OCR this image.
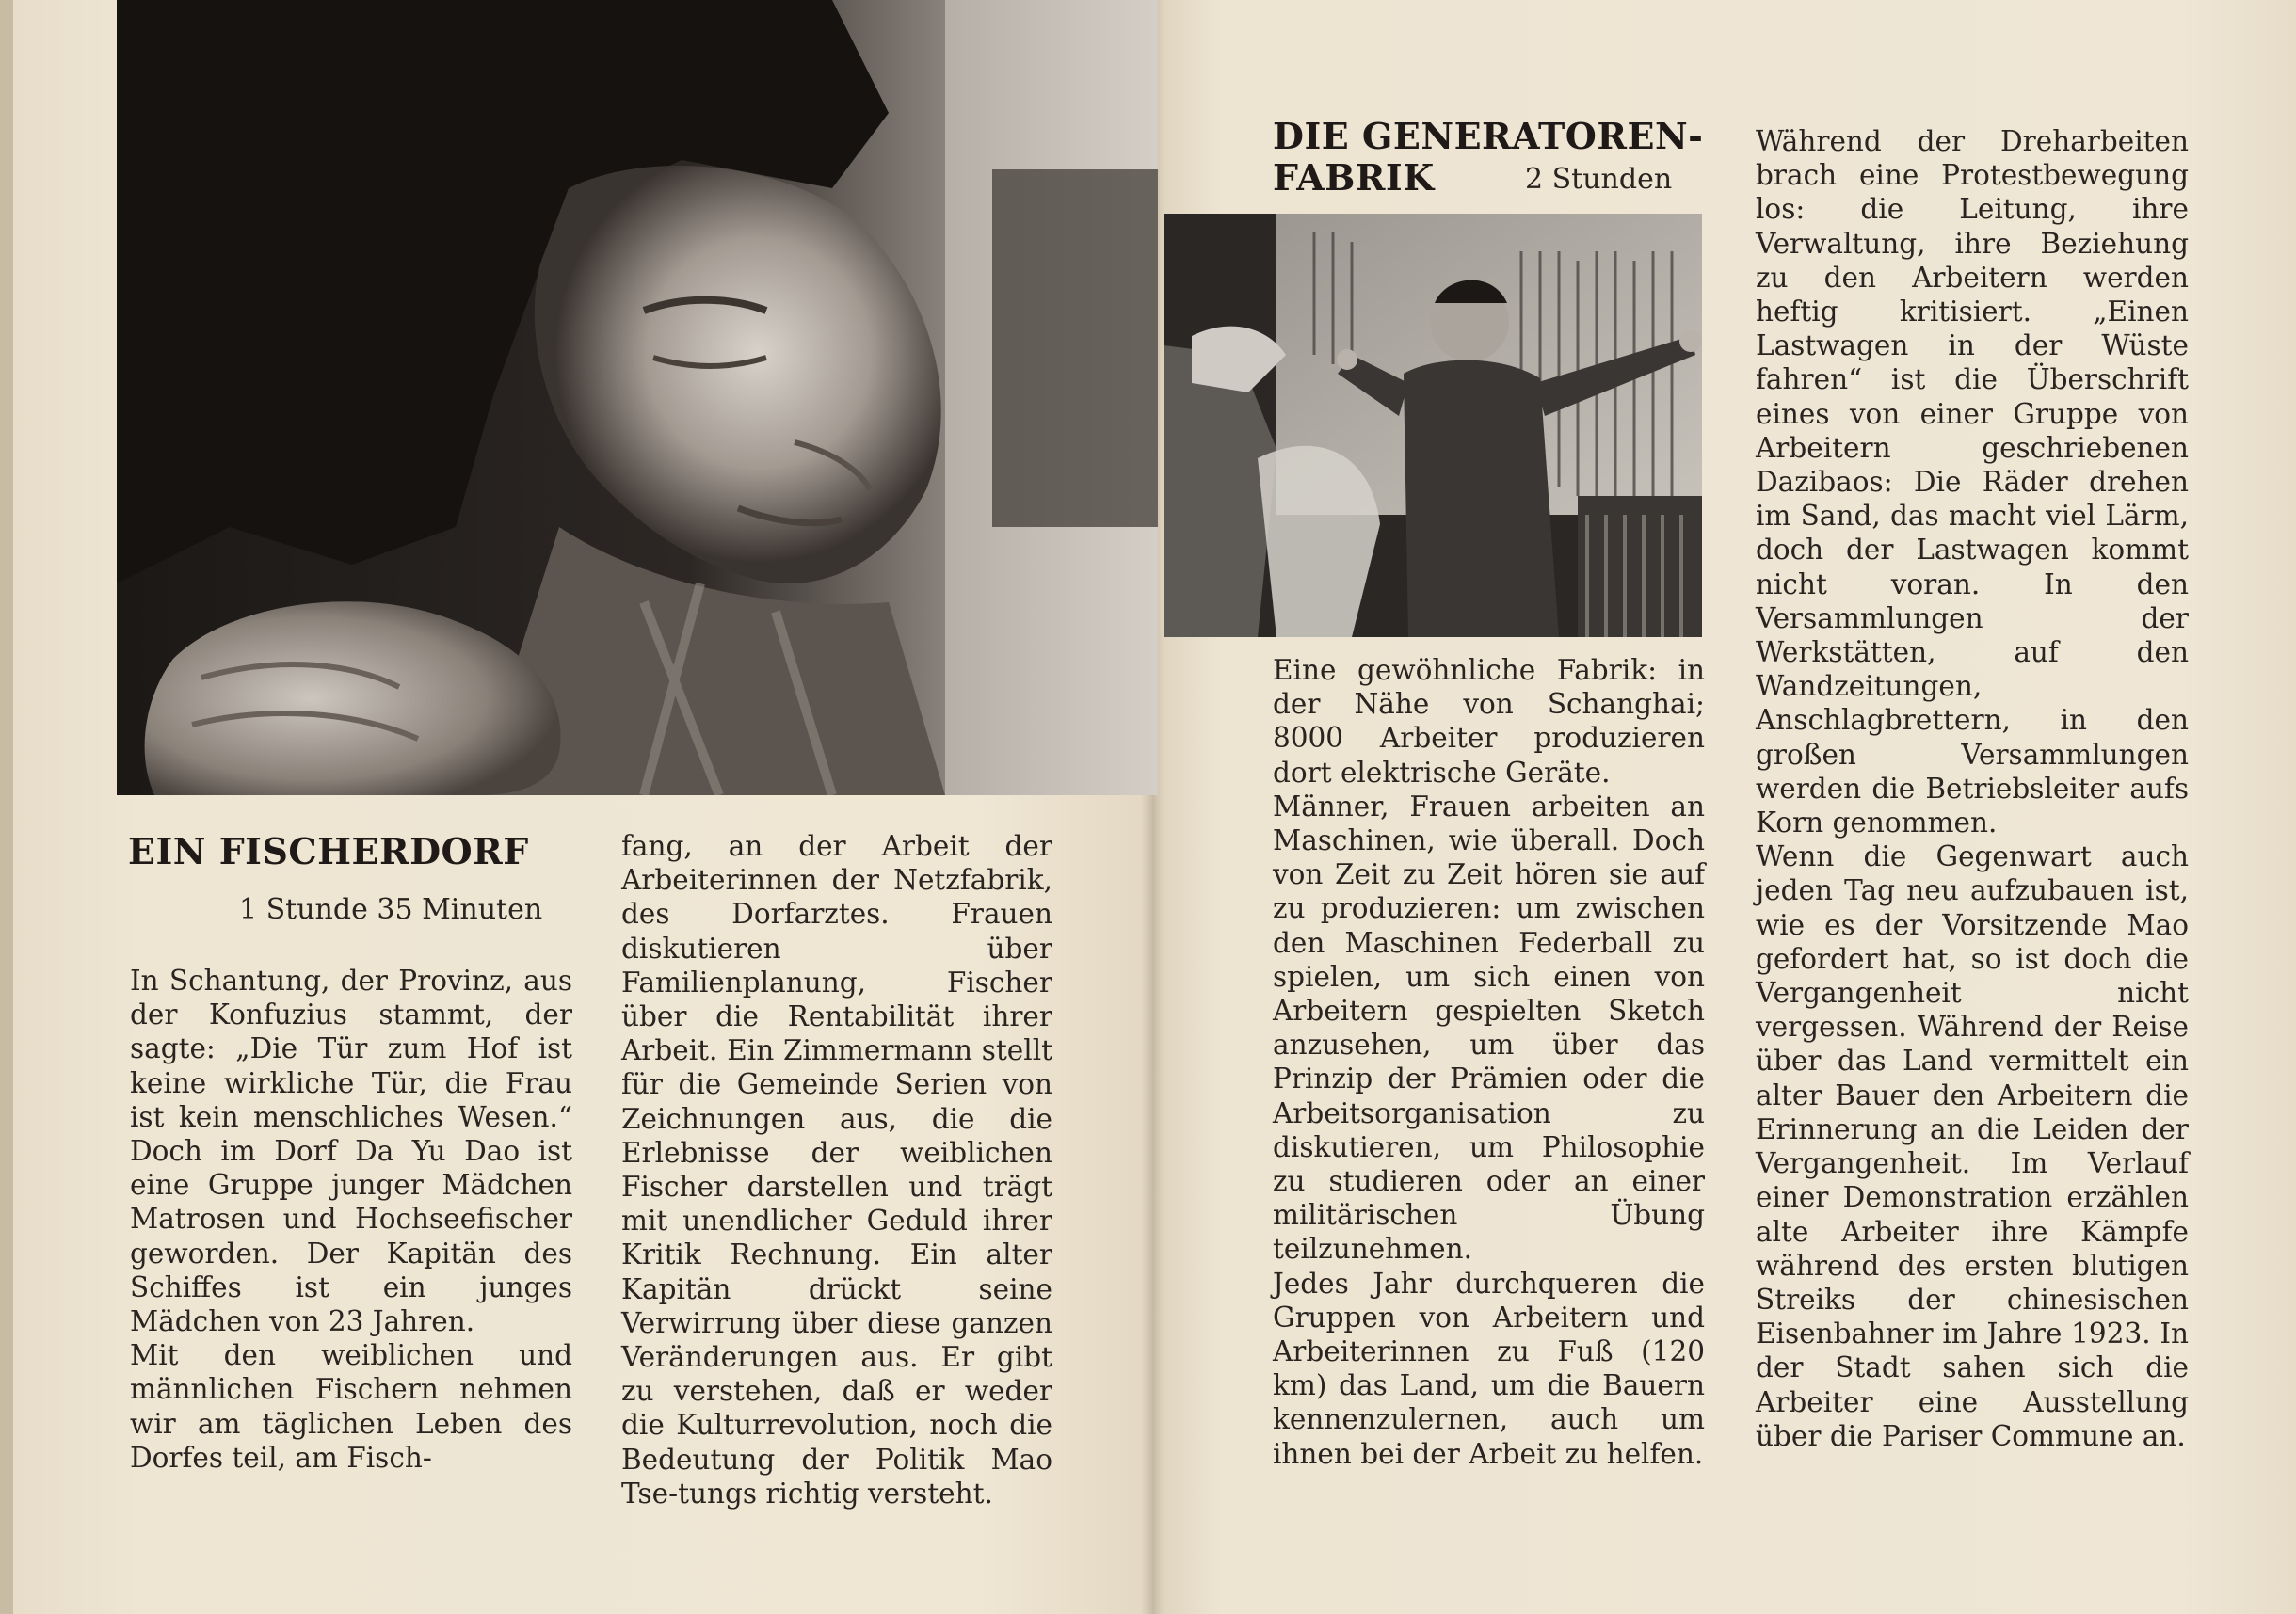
EIN FISCHERDORF
1 Stunde 35 Minuten

In Schantung, der Provinz, aus der Konfuzius stammt, der sagte: „Die Tür zum Hof ist keine wirkliche Tür, die Frau ist kein menschliches Wesen.“ Doch im Dorf Da Yu Dao ist eine Gruppe junger Mädchen Matrosen und Hochseefischer geworden. Der Kapitän des Schiffes ist ein junges Mädchen von 23 Jahren.

Mit den weiblichen und männlichen Fischern nehmen wir am täglichen Leben des Dorfes teil, am Fisch-

fang, an der Arbeit der Arbeiterinnen der Netzfabrik, des Dorfarztes. Frauen diskutieren über Familienplanung, Fischer über die Rentabilität ihrer Arbeit. Ein Zimmermann stellt für die Gemeinde Serien von Zeichnungen aus, die die Erlebnisse der weiblichen Fischer darstellen und trägt mit unendlicher Geduld ihrer Kritik Rechnung. Ein alter Kapitän drückt seine Verwirrung über diese ganzen Veränderungen aus. Er gibt zu verstehen, daß er weder die Kulturrevolution, noch die Bedeutung der Politik Mao Tse-tungs richtig versteht.

DIE GENERATOREN-
FABRIK	2 Stunden

Eine gewöhnliche Fabrik: in der Nähe von Schanghai; 8000 Arbeiter produzieren dort elektrische Geräte.

Männer, Frauen arbeiten an Maschinen, wie überall. Doch von Zeit zu Zeit hören sie auf zu produzieren: um zwischen den Maschinen Federball zu spielen, um sich einen von Arbeitern gespielten Sketch anzusehen, um über das Prinzip der Prämien oder die Arbeitsorganisation zu diskutieren, um Philosophie zu studieren oder an einer militärischen Übung teilzunehmen.

Jedes Jahr durchqueren die Gruppen von Arbeitern und Arbeiterinnen zu Fuß (120 km) das Land, um die Bauern kennenzulernen, auch um ihnen bei der Arbeit zu helfen.

Während der Dreharbeiten brach eine Protestbewegung los: die Leitung, ihre Verwaltung, ihre Beziehung zu den Arbeitern werden heftig kritisiert. „Einen Lastwagen in der Wüste fahren“ ist die Überschrift eines von einer Gruppe von Arbeitern geschriebenen Dazibaos: Die Räder drehen im Sand, das macht viel Lärm, doch der Lastwagen kommt nicht voran. In den Versammlungen der Werkstätten, auf den Wandzeitungen, Anschlagbrettern, in den großen Versammlungen werden die Betriebsleiter aufs Korn genommen.

Wenn die Gegenwart auch jeden Tag neu aufzubauen ist, wie es der Vorsitzende Mao gefordert hat, so ist doch die Vergangenheit nicht vergessen. Während der Reise über das Land vermittelt ein alter Bauer den Arbeitern die Erinnerung an die Leiden der Vergangenheit. Im Verlauf einer Demonstration erzählen alte Arbeiter ihre Kämpfe während des ersten blutigen Streiks der chinesischen Eisenbahner im Jahre 1923. In der Stadt sahen sich die Arbeiter eine Ausstellung über die Pariser Commune an.
